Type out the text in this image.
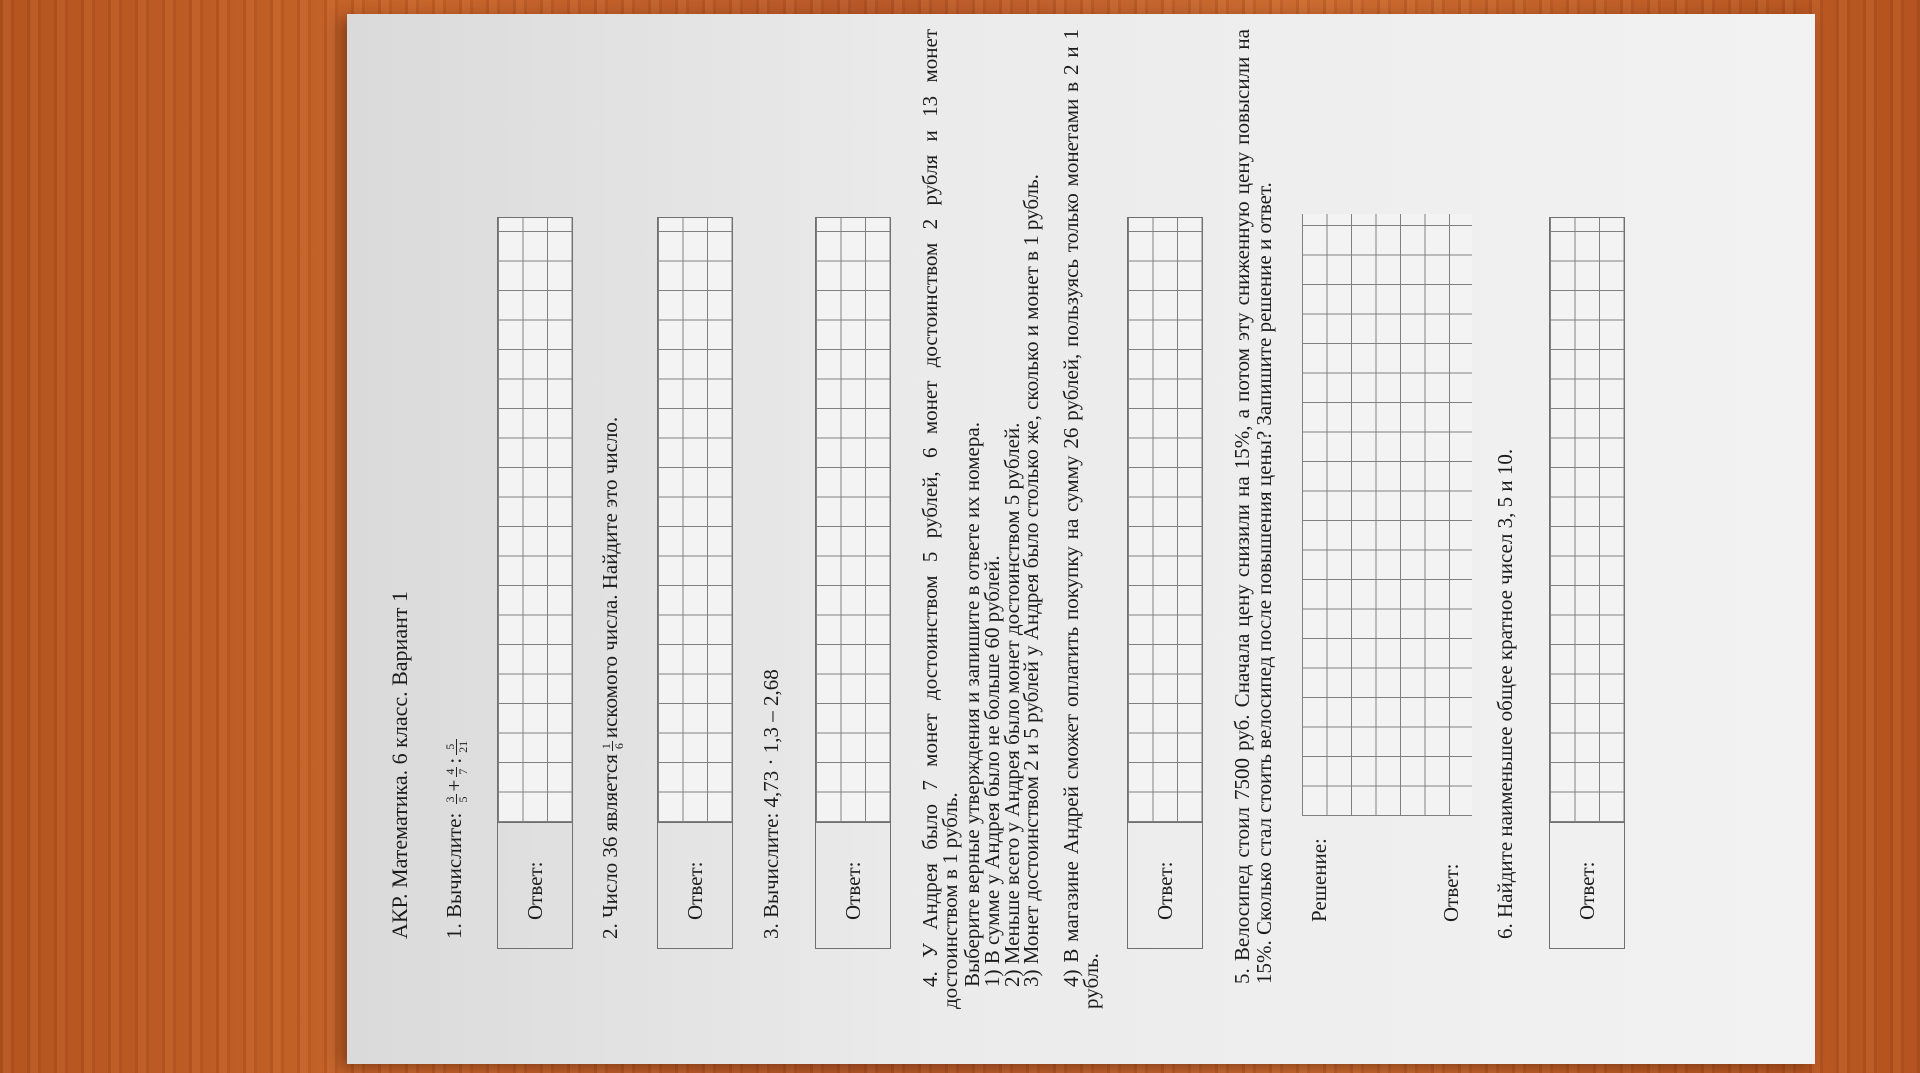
АКР. Математика. 6 класс. Вариант 1 1. Вычислите:
3 5
+
4 7
:
5 21
Ответ:	2. Число 36 является
1 6
искомого числа. Найдите это число.
Ответ:	3. Вычислите: 4,73 · 1,3 – 2,68	Ответ:	4. У Андрея было 7 монет достоинством 5 рублей, 6 монет достоинством 2 рубля и 13 монет достоинством в 1 рубль.
Выберите верные утверждения и запишите в ответе их номера.
1) В сумме у Андрея было не больше 60 рублей.
2) Меньше всего у Андрея было монет достоинством 5 рублей.
3) Монет достоинством 2 и 5 рублей у Андрея было столько же, сколько и монет в 1 рубль. 4) В магазине Андрей сможет оплатить покупку на сумму 26 рублей, пользуясь только монетами в 2 и 1 рубль.
Ответ:	5. Велосипед стоил 7500 руб. Сначала цену снизили на 15%, а потом эту сниженную цену повысили на 15%. Сколько стал стоить велосипед после повышения цены? Запишите решение и ответ. Решение:	Ответ: 6. Найдите наименьшее общее кратное чисел 3, 5 и 10.	Ответ:
